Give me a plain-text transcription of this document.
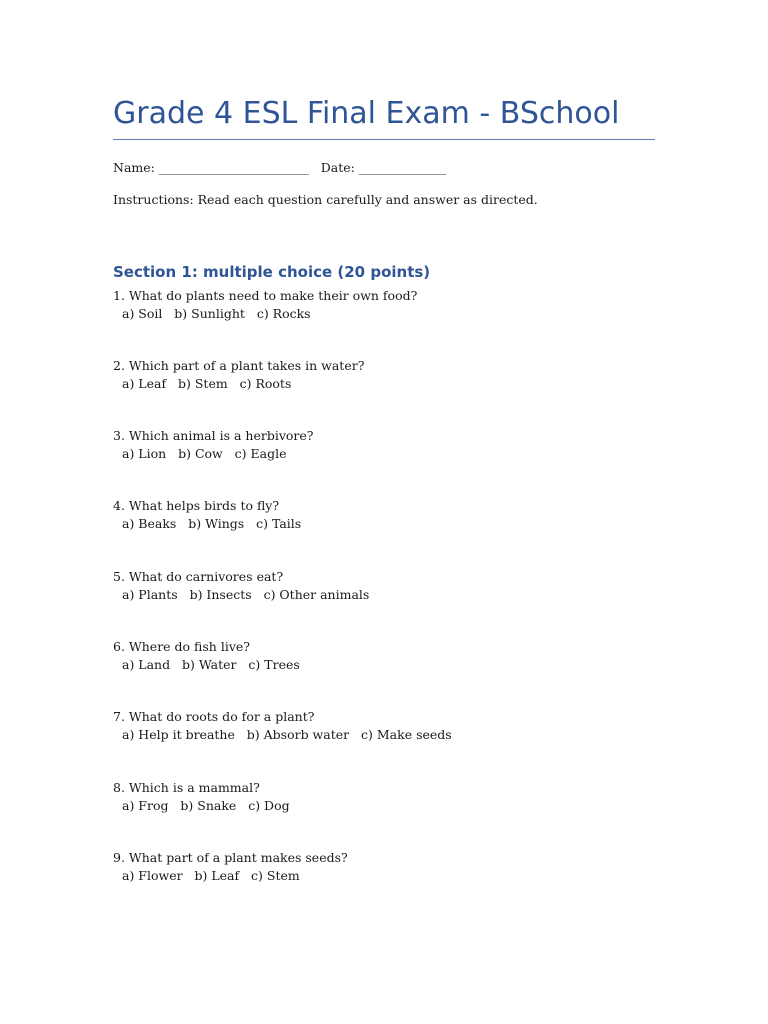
Grade 4 ESL Final Exam - BSchool
Name: ________________________   Date: ______________
Instructions: Read each question carefully and answer as directed.
Section 1: multiple choice (20 points)
1. What do plants need to make their own food?
a) Soil   b) Sunlight   c) Rocks
2. Which part of a plant takes in water?
a) Leaf   b) Stem   c) Roots
3. Which animal is a herbivore?
a) Lion   b) Cow   c) Eagle
4. What helps birds to fly?
a) Beaks   b) Wings   c) Tails
5. What do carnivores eat?
a) Plants   b) Insects   c) Other animals
6. Where do fish live?
a) Land   b) Water   c) Trees
7. What do roots do for a plant?
a) Help it breathe   b) Absorb water   c) Make seeds
8. Which is a mammal?
a) Frog   b) Snake   c) Dog
9. What part of a plant makes seeds?
a) Flower   b) Leaf   c) Stem
